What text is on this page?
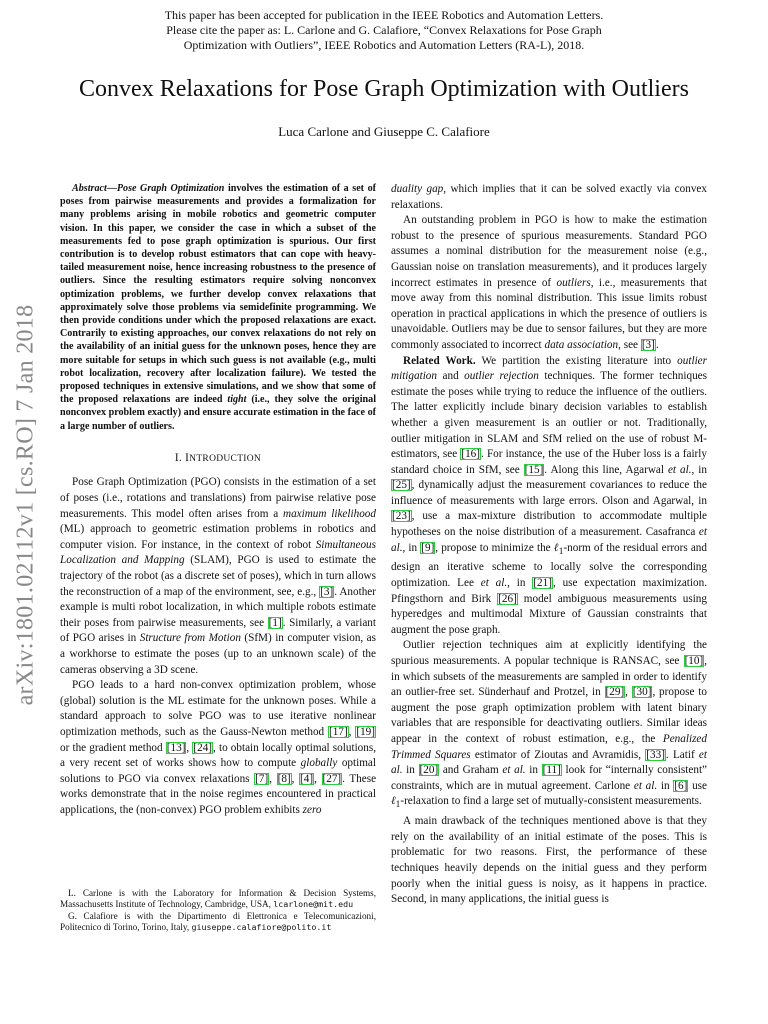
This paper has been accepted for publication in the IEEE Robotics and Automation Letters.
Please cite the paper as: L. Carlone and G. Calafiore, “Convex Relaxations for Pose Graph
Optimization with Outliers”, IEEE Robotics and Automation Letters (RA-L), 2018.
Convex Relaxations for Pose Graph Optimization with Outliers
Luca Carlone and Giuseppe C. Calafiore
arXiv:1801.02112v1 [cs.RO] 7 Jan 2018

Abstract—Pose Graph Optimization involves the estimation of a set of poses from pairwise measurements and provides a formalization for many problems arising in mobile robotics and geometric computer vision. In this paper, we consider the case in which a subset of the measurements fed to pose graph optimization is spurious. Our first contribution is to develop robust estimators that can cope with heavy-tailed measurement noise, hence increasing robustness to the presence of outliers. Since the resulting estimators require solving nonconvex optimization problems, we further develop convex relaxations that approximately solve those problems via semidefinite programming. We then provide conditions under which the proposed relaxations are exact. Contrarily to existing approaches, our convex relaxations do not rely on the availability of an initial guess for the unknown poses, hence they are more suitable for setups in which such guess is not available (e.g., multi robot localization, recovery after localization failure). We tested the proposed techniques in extensive simulations, and we show that some of the proposed relaxations are indeed tight (i.e., they solve the original nonconvex problem exactly) and ensure accurate estimation in the face of a large number of outliers.

I. INTRODUCTION

Pose Graph Optimization (PGO) consists in the estimation of a set of poses (i.e., rotations and translations) from pairwise relative pose measurements. This model often arises from a maximum likelihood (ML) approach to geometric estimation problems in robotics and computer vision. For instance, in the context of robot Simultaneous Localization and Mapping (SLAM), PGO is used to estimate the trajectory of the robot (as a discrete set of poses), which in turn allows the reconstruction of a map of the environment, see, e.g., [3]. Another example is multi robot localization, in which multiple robots estimate their poses from pairwise measurements, see [1]. Similarly, a variant of PGO arises in Structure from Motion (SfM) in computer vision, as a workhorse to estimate the poses (up to an unknown scale) of the cameras observing a 3D scene.

PGO leads to a hard non-convex optimization problem, whose (global) solution is the ML estimate for the unknown poses. While a standard approach to solve PGO was to use iterative nonlinear optimization methods, such as the Gauss-Newton method [17], [19] or the gradient method [13], [24], to obtain locally optimal solutions, a very recent set of works shows how to compute globally optimal solutions to PGO via convex relaxations [7], [8], [4], [27]. These works demonstrate that in the noise regimes encountered in practical applications, the (non-convex) PGO problem exhibits zero

L. Carlone is with the Laboratory for Information & Decision Systems, Massachusetts Institute of Technology, Cambridge, USA, lcarlone@mit.edu
G. Calafiore is with the Dipartimento di Elettronica e Telecomunicazioni, Politecnico di Torino, Torino, Italy, giuseppe.calafiore@polito.it

duality gap, which implies that it can be solved exactly via convex relaxations.

An outstanding problem in PGO is how to make the estimation robust to the presence of spurious measurements. Standard PGO assumes a nominal distribution for the measurement noise (e.g., Gaussian noise on translation measurements), and it produces largely incorrect estimates in presence of outliers, i.e., measurements that move away from this nominal distribution. This issue limits robust operation in practical applications in which the presence of outliers is unavoidable. Outliers may be due to sensor failures, but they are more commonly associated to incorrect data association, see [3].

Related Work. We partition the existing literature into outlier mitigation and outlier rejection techniques. The former techniques estimate the poses while trying to reduce the influence of the outliers. The latter explicitly include binary decision variables to establish whether a given measurement is an outlier or not. Traditionally, outlier mitigation in SLAM and SfM relied on the use of robust M-estimators, see [16]. For instance, the use of the Huber loss is a fairly standard choice in SfM, see [15]. Along this line, Agarwal et al., in [25], dynamically adjust the measurement covariances to reduce the influence of measurements with large errors. Olson and Agarwal, in [23], use a max-mixture distribution to accommodate multiple hypotheses on the noise distribution of a measurement. Casafranca et al., in [9], propose to minimize the ℓ$_1$-norm of the residual errors and design an iterative scheme to locally solve the corresponding optimization. Lee et al., in [21], use expectation maximization. Pfingsthorn and Birk [26] model ambiguous measurements using hyperedges and multimodal Mixture of Gaussian constraints that augment the pose graph.

Outlier rejection techniques aim at explicitly identifying the spurious measurements. A popular technique is RANSAC, see [10], in which subsets of the measurements are sampled in order to identify an outlier-free set. Sünderhauf and Protzel, in [29], [30], propose to augment the pose graph optimization problem with latent binary variables that are responsible for deactivating outliers. Similar ideas appear in the context of robust estimation, e.g., the Penalized Trimmed Squares estimator of Zioutas and Avramidis, [33]. Latif et al. in [20] and Graham et al. in [11] look for “internally consistent” constraints, which are in mutual agreement. Carlone et al. in [6] use ℓ$_1$-relaxation to find a large set of mutually-consistent measurements.

A main drawback of the techniques mentioned above is that they rely on the availability of an initial estimate of the poses. This is problematic for two reasons. First, the performance of these techniques heavily depends on the initial guess and they perform poorly when the initial guess is noisy, as it happens in practice. Second, in many applications, the initial guess is
